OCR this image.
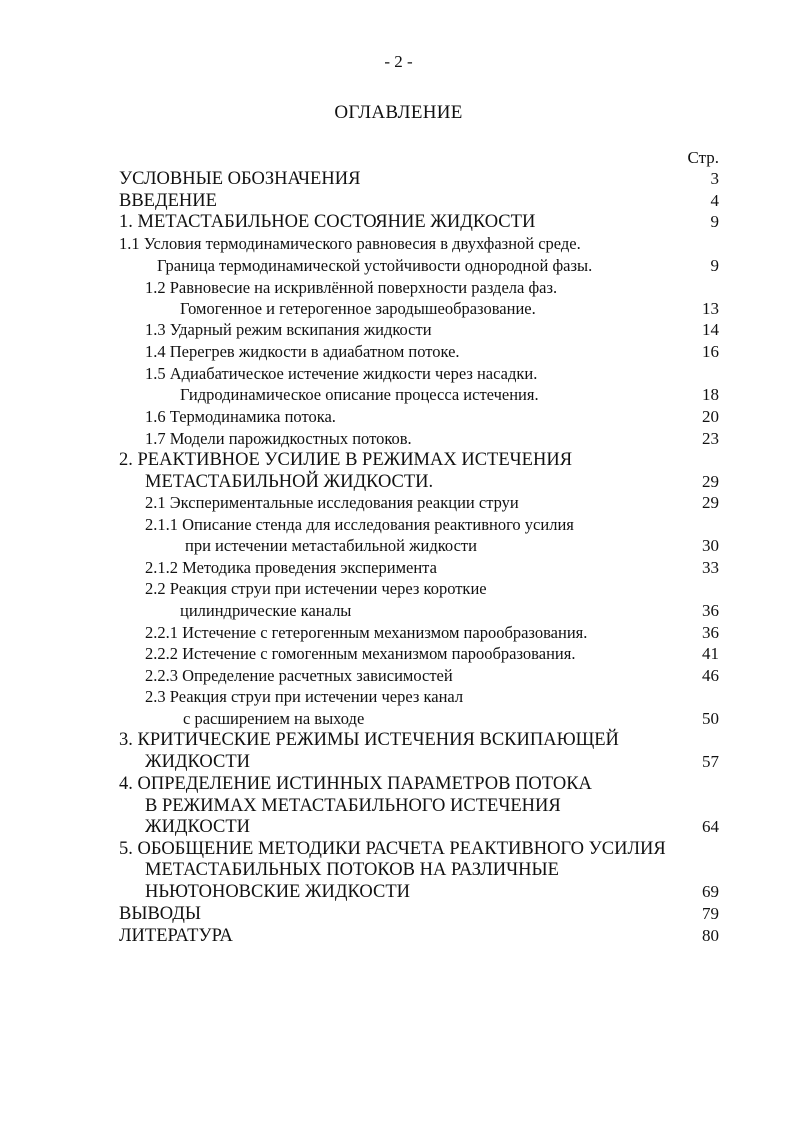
- 2 -
ОГЛАВЛЕНИЕ
Стр.
УСЛОВНЫЕ ОБОЗНАЧЕНИЯ	3
ВВЕДЕНИЕ	4
1. МЕТАСТАБИЛЬНОЕ СОСТОЯНИЕ ЖИДКОСТИ	9
1.1 Условия термодинамического равновесия в двухфазной среде.
Граница термодинамической устойчивости однородной фазы.	9
1.2 Равновесие на искривлённой поверхности раздела фаз.
Гомогенное и гетерогенное зародышеобразование.	13
1.3 Ударный режим вскипания жидкости	14
1.4 Перегрев жидкости в адиабатном потоке.	16
1.5 Адиабатическое истечение жидкости через насадки.
Гидродинамическое описание процесса истечения.	18
1.6 Термодинамика потока.	20
1.7 Модели парожидкостных потоков.	23
2. РЕАКТИВНОЕ УСИЛИЕ В РЕЖИМАХ ИСТЕЧЕНИЯ
МЕТАСТАБИЛЬНОЙ ЖИДКОСТИ.	29
2.1 Экспериментальные исследования реакции струи	29
2.1.1 Описание стенда для исследования реактивного усилия
при истечении метастабильной жидкости	30
2.1.2 Методика проведения эксперимента	33
2.2 Реакция струи при истечении через короткие
цилиндрические каналы	36
2.2.1 Истечение с гетерогенным механизмом парообразования.	36
2.2.2 Истечение с гомогенным механизмом парообразования.	41
2.2.3 Определение расчетных зависимостей	46
2.3 Реакция струи при истечении через канал
с расширением на выходе	50
3. КРИТИЧЕСКИЕ РЕЖИМЫ ИСТЕЧЕНИЯ ВСКИПАЮЩЕЙ
ЖИДКОСТИ	57
4. ОПРЕДЕЛЕНИЕ ИСТИННЫХ ПАРАМЕТРОВ ПОТОКА
В РЕЖИМАХ МЕТАСТАБИЛЬНОГО ИСТЕЧЕНИЯ
ЖИДКОСТИ	64
5. ОБОБЩЕНИЕ МЕТОДИКИ РАСЧЕТА РЕАКТИВНОГО УСИЛИЯ
МЕТАСТАБИЛЬНЫХ ПОТОКОВ НА РАЗЛИЧНЫЕ
НЬЮТОНОВСКИЕ ЖИДКОСТИ	69
ВЫВОДЫ	79
ЛИТЕРАТУРА	80
